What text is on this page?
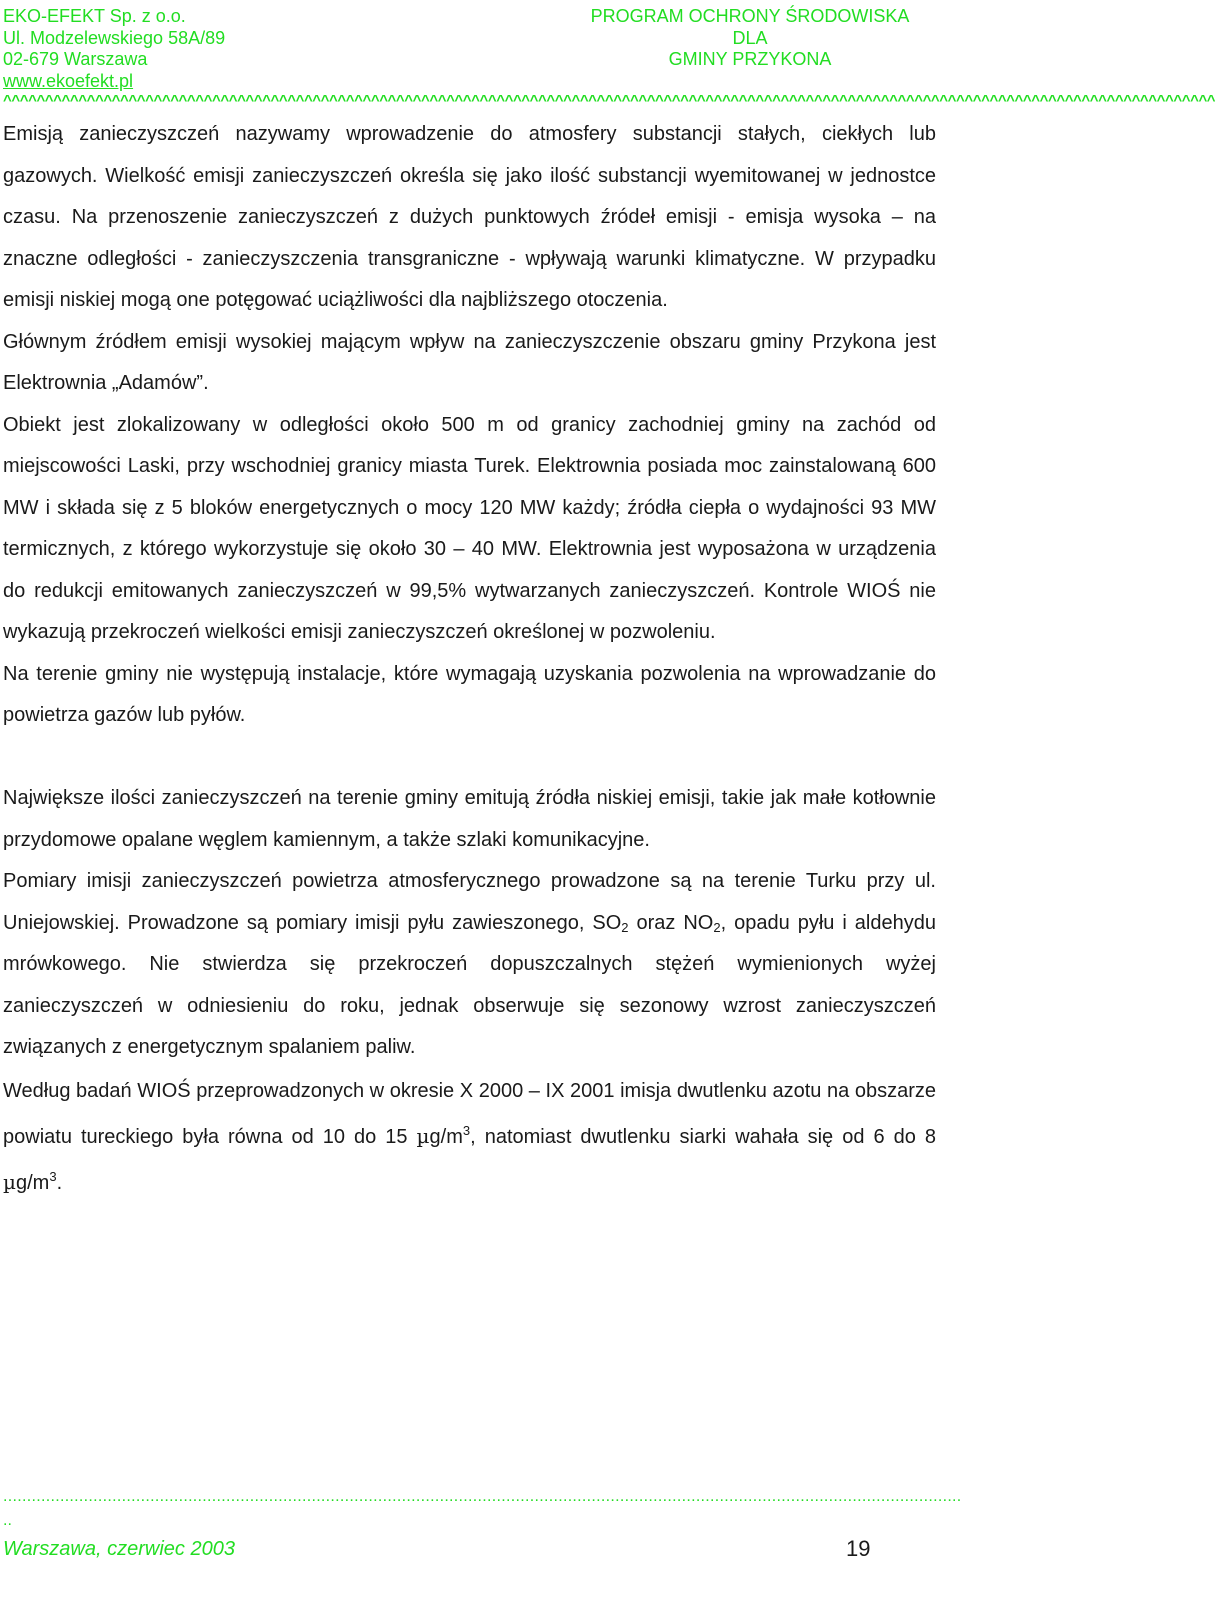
EKO-EFEKT Sp. z o.o.
Ul. Modzelewskiego 58A/89
02-679 Warszawa
www.ekoefekt.pl
PROGRAM OCHRONY ŚRODOWISKA
DLA
GMINY PRZYKONA
^^^^^^^^^^^^^^^^^^^^^^^^^^^^^^^^^^^^^^^^^^^^^^^^^^^^^^^^^^^^^^^^^^^^^^^^^^^^^^^^^^^^^^^^^^^^^^^^^^^^^^^^^^^^^^^^^^^^^^^^^^^^^^^^^^^^^^^^^^^^^^^^^

Emisją zanieczyszczeń nazywamy wprowadzenie do atmosfery substancji stałych, ciekłych lub gazowych. Wielkość emisji zanieczyszczeń określa się jako ilość substancji wyemitowanej w jednostce czasu. Na przenoszenie zanieczyszczeń z dużych punktowych źródeł emisji - emisja wysoka – na znaczne odległości - zanieczyszczenia transgraniczne - wpływają warunki klimatyczne. W przypadku emisji niskiej mogą one potęgować uciążliwości dla najbliższego otoczenia.

Głównym źródłem emisji wysokiej mającym wpływ na zanieczyszczenie obszaru gminy Przykona jest Elektrownia „Adamów”.

Obiekt jest zlokalizowany w odległości około 500 m od granicy zachodniej gminy na zachód od miejscowości Laski, przy wschodniej granicy miasta Turek. Elektrownia posiada moc zainstalowaną 600 MW i składa się z 5 bloków energetycznych o mocy 120 MW każdy; źródła ciepła o wydajności 93 MW termicznych, z którego wykorzystuje się około 30 – 40 MW. Elektrownia jest wyposażona w urządzenia do redukcji emitowanych zanieczyszczeń w 99,5% wytwarzanych zanieczyszczeń. Kontrole WIOŚ nie wykazują przekroczeń wielkości emisji zanieczyszczeń określonej w pozwoleniu.

Na terenie gminy nie występują instalacje, które wymagają uzyskania pozwolenia na wprowadzanie do powietrza gazów lub pyłów.

Największe ilości zanieczyszczeń na terenie gminy emitują źródła niskiej emisji, takie jak małe kotłownie przydomowe opalane węglem kamiennym, a także szlaki komunikacyjne.

Pomiary imisji zanieczyszczeń powietrza atmosferycznego prowadzone są na terenie Turku przy ul. Uniejowskiej. Prowadzone są pomiary imisji pyłu zawieszonego, $SO_2$ oraz $NO_2$, opadu pyłu i aldehydu mrówkowego. Nie stwierdza się przekroczeń dopuszczalnych stężeń wymienionych wyżej zanieczyszczeń w odniesieniu do roku, jednak obserwuje się sezonowy wzrost zanieczyszczeń związanych z energetycznym spalaniem paliw.

Według badań WIOŚ przeprowadzonych w okresie X 2000 – IX 2001 imisja dwutlenku azotu na obszarze powiatu tureckiego była równa od 10 do 15 $\mu g/m^3$, natomiast dwutlenku siarki wahała się od 6 do 8 $\mu g/m^3$.

..........................................................................................................................................................................................................
..
Warszawa, czerwiec 2003	19
